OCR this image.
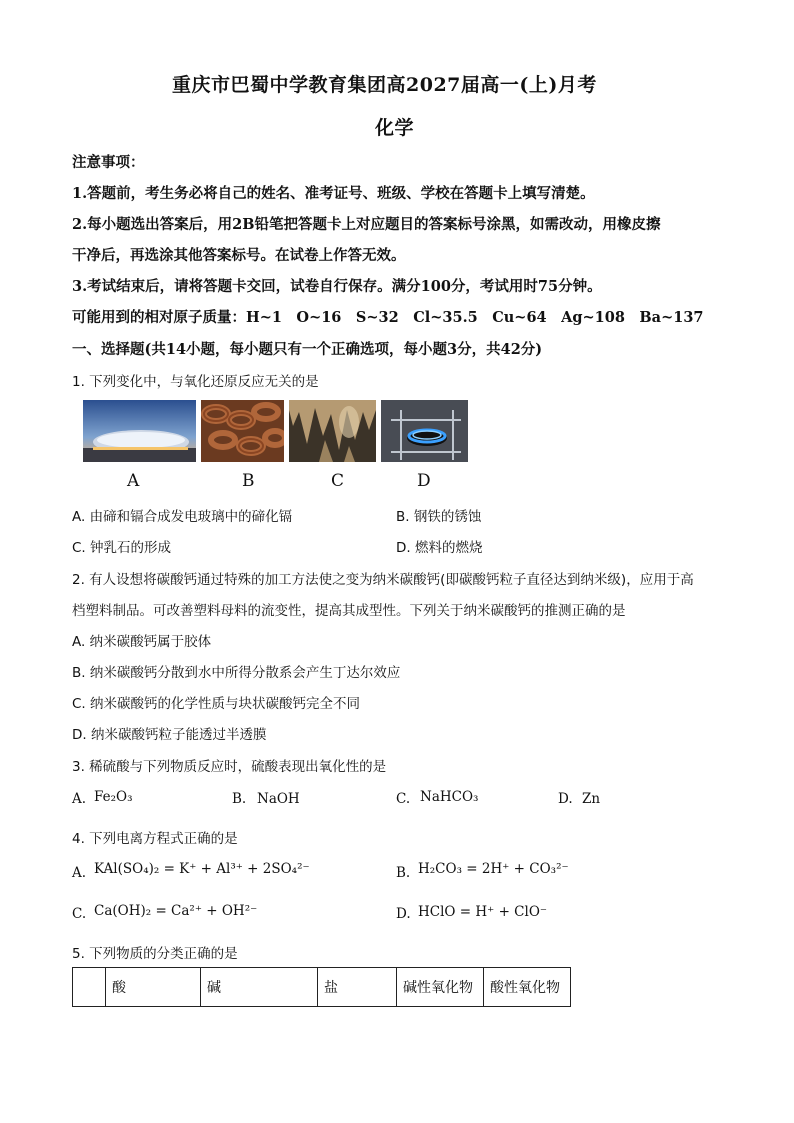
重庆市巴蜀中学教育集团高2027届高一(上)月考
化学
注意事项：
1.答题前，考生务必将自己的姓名、准考证号、班级、学校在答题卡上填写清楚。
2.每小题选出答案后，用2B铅笔把答题卡上对应题目的答案标号涂黑，如需改动，用橡皮擦
干净后，再选涂其他答案标号。在试卷上作答无效。
3.考试结束后，请将答题卡交回，试卷自行保存。满分100分，考试用时75分钟。
可能用到的相对原子质量：H~1　O~16　S~32　Cl~35.5　Cu~64　Ag~108　Ba~137
一、选择题(共14小题，每小题只有一个正确选项，每小题3分，共42分)
1. 下列变化中，与氧化还原反应无关的是
A	B	C	D
A. 由碲和镉合成发电玻璃中的碲化镉	B. 钢铁的锈蚀
C. 钟乳石的形成	D. 燃料的燃烧
2. 有人设想将碳酸钙通过特殊的加工方法使之变为纳米碳酸钙(即碳酸钙粒子直径达到纳米级)，应用于高
档塑料制品。可改善塑料母料的流变性，提高其成型性。下列关于纳米碳酸钙的推测正确的是
A. 纳米碳酸钙属于胶体
B. 纳米碳酸钙分散到水中所得分散系会产生丁达尔效应
C. 纳米碳酸钙的化学性质与块状碳酸钙完全不同
D. 纳米碳酸钙粒子能透过半透膜
3. 稀硫酸与下列物质反应时，硫酸表现出氧化性的是
A. Fe₂O₃	B. NaOH	C. NaHCO₃	D. Zn
4. 下列电离方程式正确的是
A. KAl(SO₄)₂ = K⁺ + Al³⁺ + 2SO₄²⁻	B. H₂CO₃ = 2H⁺ + CO₃²⁻
C. Ca(OH)₂ = Ca²⁺ + OH²⁻	D. HClO = H⁺ + ClO⁻
5. 下列物质的分类正确的是
	酸	碱	盐	碱性氧化物	酸性氧化物
